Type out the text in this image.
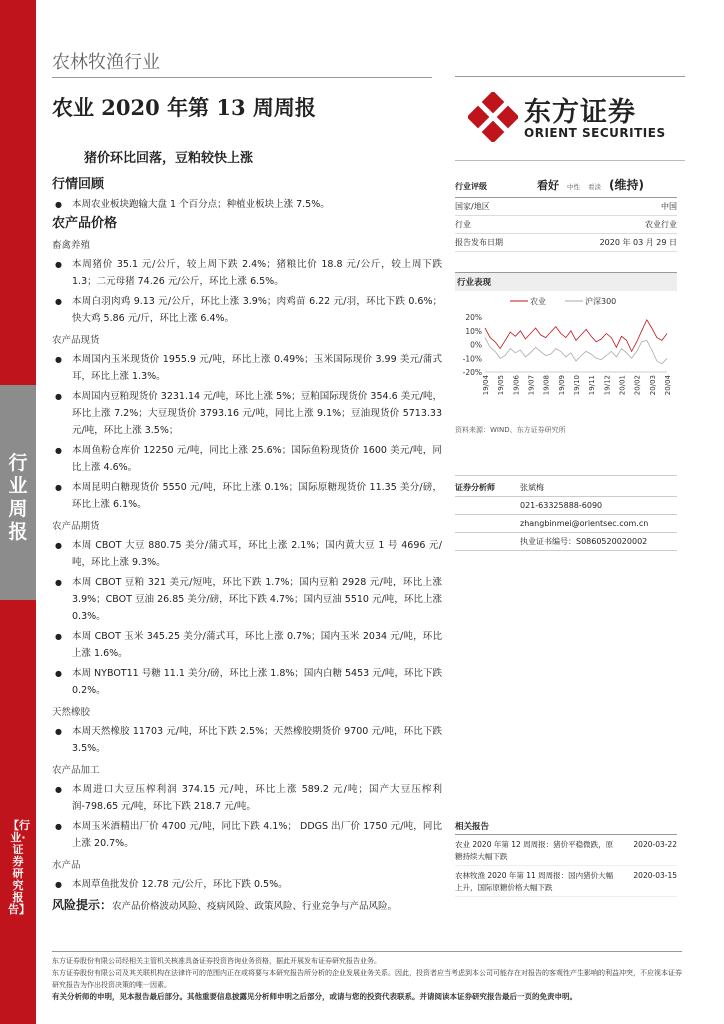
行业周报
【行业·证券研究报告】
农林牧渔行业
农业 2020 年第 13 周周报
猪价环比回落，豆粕较快上涨
东方证券
ORIENT SECURITIES
行情回顾
● 本周农业板块跑输大盘 1 个百分点；种植业板块上涨 7.5%。
农产品价格
畜禽养殖
● 本周猪价 35.1 元/公斤，较上周下跌 2.4%；猪粮比价 18.8 元/公斤，较上周下跌 1.3；二元母猪 74.26 元/公斤，环比上涨 6.5%。
● 本周白羽肉鸡 9.13 元/公斤，环比上涨 3.9%；肉鸡苗 6.22 元/羽，环比下跌 0.6%；快大鸡 5.86 元/斤，环比上涨 6.4%。
农产品现货
● 本周国内玉米现货价 1955.9 元/吨，环比上涨 0.49%；玉米国际现价 3.99 美元/蒲式耳，环比上涨 1.3%。
● 本周国内豆粕现货价 3231.14 元/吨，环比上涨 5%；豆粕国际现货价 354.6 美元/吨，环比上涨 7.2%；大豆现货价 3793.16 元/吨，同比上涨 9.1%；豆油现货价 5713.33 元/吨，环比上涨 3.5%；
● 本周鱼粉仓库价 12250 元/吨，同比上涨 25.6%；国际鱼粉现货价 1600 美元/吨，同比上涨 4.6%。
● 本周昆明白糖现货价 5550 元/吨，环比上涨 0.1%；国际原糖现货价 11.35 美分/磅，环比上涨 6.1%。
农产品期货
● 本周 CBOT 大豆 880.75 美分/蒲式耳，环比上涨 2.1%；国内黄大豆 1 号 4696 元/吨，环比上涨 9.3%。
● 本周 CBOT 豆粕 321 美元/短吨，环比下跌 1.7%；国内豆粕 2928 元/吨，环比上涨 3.9%；CBOT 豆油 26.85 美分/磅，环比下跌 4.7%；国内豆油 5510 元/吨，环比上涨 0.3%。
● 本周 CBOT 玉米 345.25 美分/蒲式耳，环比上涨 0.7%；国内玉米 2034 元/吨，环比上涨 1.6%。
● 本周 NYBOT11 号糖 11.1 美分/磅，环比上涨 1.8%；国内白糖 5453 元/吨，环比下跌 0.2%。
天然橡胶
● 本周天然橡胶 11703 元/吨，环比下跌 2.5%；天然橡胶期货价 9700 元/吨，环比下跌 3.5%。
农产品加工
● 本周进口大豆压榨利润 374.15 元/吨，环比上涨 589.2 元/吨；国产大豆压榨利润-798.65 元/吨，环比下跌 218.7 元/吨。
● 本周玉米酒精出厂价 4700 元/吨，同比下跌 4.1%； DDGS 出厂价 1750 元/吨，同比上涨 20.7%。
水产品
● 本周草鱼批发价 12.78 元/公斤，环比下跌 0.5%。
风险提示：农产品价格波动风险、疫病风险、政策风险、行业竞争与产品风险。
行业评级	看好 中性 看淡 (维持)
国家/地区	中国
行业	农业行业
报告发布日期	2020 年 03 月 29 日
行业表现
农业	沪深300
20%
10%
0%
-10%
-20%
19/04 19/05 19/06 19/07 19/08 19/09 19/10 19/11 19/12 20/01 20/02 20/03 20/04
资料来源：WIND、东方证券研究所
证券分析师	张斌梅
021-63325888-6090
zhangbinmei@orientsec.com.cn
执业证书编号：S0860520020002
相关报告
农业 2020 年第 12 周周报：猪价平稳微跌，原糖持续大幅下跌
2020-03-22
农林牧渔 2020 年第 11 周周报：国内猪价大幅上升，国际原糖价格大幅下跌
2020-03-15
东方证券股份有限公司经相关主管机关核准具备证券投资咨询业务资格，据此开展发布证券研究报告业务。
东方证券股份有限公司及其关联机构在法律许可的范围内正在或将要与本研究报告所分析的企业发展业务关系。因此，投资者应当考虑到本公司可能存在对报告的客观性产生影响的利益冲突，不应视本证券研究报告为作出投资决策的唯一因素。
有关分析师的申明，见本报告最后部分。其他重要信息披露见分析师申明之后部分，或请与您的投资代表联系。并请阅读本证券研究报告最后一页的免责申明。
